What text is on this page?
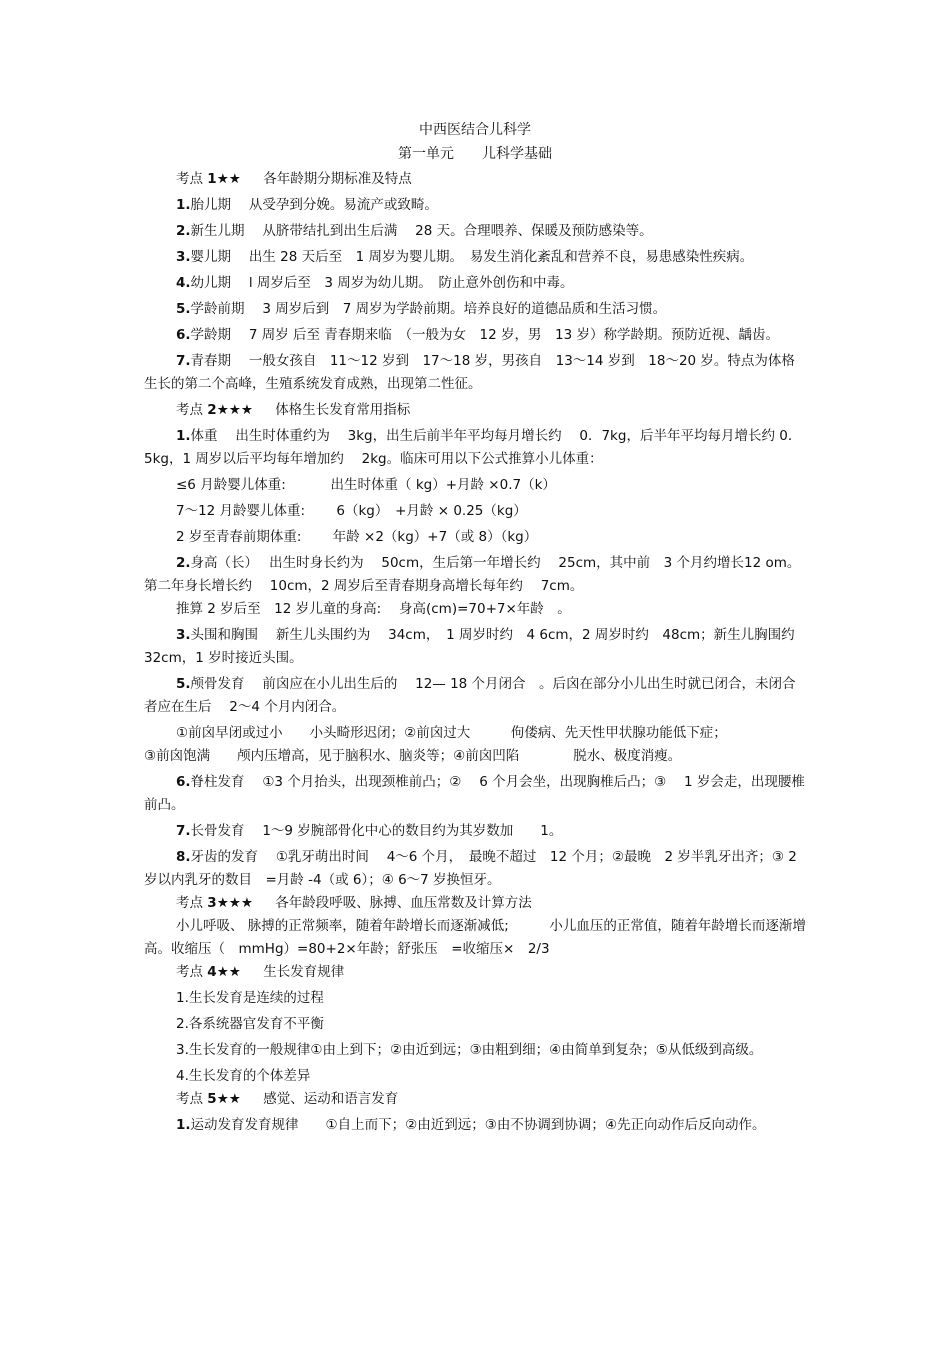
中西医结合儿科学
第一单元　　儿科学基础
考点 1★★ 各年龄期分期标准及特点
1.胎儿期　 从受孕到分娩。易流产或致畸。
2.新生儿期　 从脐带结扎到出生后满　 28 天。合理喂养、保暖及预防感染等。
3.婴儿期　 出生 28 天后至　1 周岁为婴儿期。　易发生消化紊乱和营养不良，易患感染性疾病。
4.幼儿期　 l 周岁后至　3 周岁为幼儿期。　防止意外创伤和中毒。
5.学龄前期　 3 周岁后到　7 周岁为学龄前期。培养良好的道德品质和生活习惯。
6.学龄期　 7 周岁 后至 青春期来临　（一般为女　12 岁，男　13 岁）称学龄期。预防近视、龋齿。
7.青春期　 一般女孩自　11～12 岁到　17～18 岁，男孩自　13～14 岁到　18～20 岁。特点为体格生长的第二个高峰，生殖系统发育成熟，出现第二性征。
考点 2★★★ 体格生长发育常用指标
1.体重　 出生时体重约为　 3kg，出生后前半年平均每月增长约　 0．7kg，后半年平均每月增长约 0．5kg，1 周岁以后平均每年增加约　 2kg。临床可用以下公式推算小儿体重：
≤6 月龄婴儿体重:　　　 出生时体重（ kg）+月龄 ×0.7（k）
7～12 月龄婴儿体重:　　 6（kg）　+月龄 × 0.25（kg）
2 岁至青春前期体重:　　 年龄 ×2（kg）+7（或 8）（kg）
2.身高（长）　 出生时身长约为　 50cm，生后第一年增长约　 25cm，其中前　3 个月约增长12 om。第二年身长增长约　 10cm，2 周岁后至青春期身高增长每年约　 7cm。
推算 2 岁后至　12 岁儿童的身高:　 身高(cm)=70+7×年龄　。
3.头围和胸围　 新生儿头围约为　 34cm，　1 周岁时约　4 6cm，2 周岁时约　48cm；新生儿胸围约　32cm，1 岁时接近头围。
5.颅骨发育　 前囟应在小儿出生后的　 12— 18 个月闭合　。后囟在部分小儿出生时就已闭合，未闭合者应在生后　 2～4 个月内闭合。
①前囟早闭或过小　　小头畸形迟闭；②前囟过大　　　佝偻病、先天性甲状腺功能低下症；
③前囟饱满　　颅内压增高，见于脑积水、脑炎等；④前囟凹陷　　　　脱水、极度消瘦。
6.脊柱发育　 ①3 个月抬头，出现颈椎前凸；②　 6 个月会坐，出现胸椎后凸；③　 1 岁会走，出现腰椎前凸。
7.长骨发育　 1～9 岁腕部骨化中心的数目约为其岁数加　　1。
8.牙齿的发育　 ①乳牙萌出时间　 4～6 个月，　最晚不超过　12 个月；②最晚　2 岁半乳牙出齐；③ 2 岁以内乳牙的数目　=月龄 -4（或 6）；④ 6～7 岁换恒牙。
考点 3★★★ 各年龄段呼吸、脉搏、血压常数及计算方法
小儿呼吸、 脉搏的正常频率，随着年龄增长而逐渐减低;　　　小儿血压的正常值，随着年龄增长而逐渐增高。收缩压（　mmHg）=80+2×年龄；舒张压　=收缩压×　2/3
考点 4★★ 生长发育规律
1.生长发育是连续的过程
2.各系统器官发育不平衡
3.生长发育的一般规律①由上到下；②由近到远；③由粗到细；④由简单到复杂；⑤从低级到高级。
4.生长发育的个体差异
考点 5★★ 感觉、运动和语言发育
1.运动发育发育规律　　①自上而下；②由近到远；③由不协调到协调；④先正向动作后反向动作。
